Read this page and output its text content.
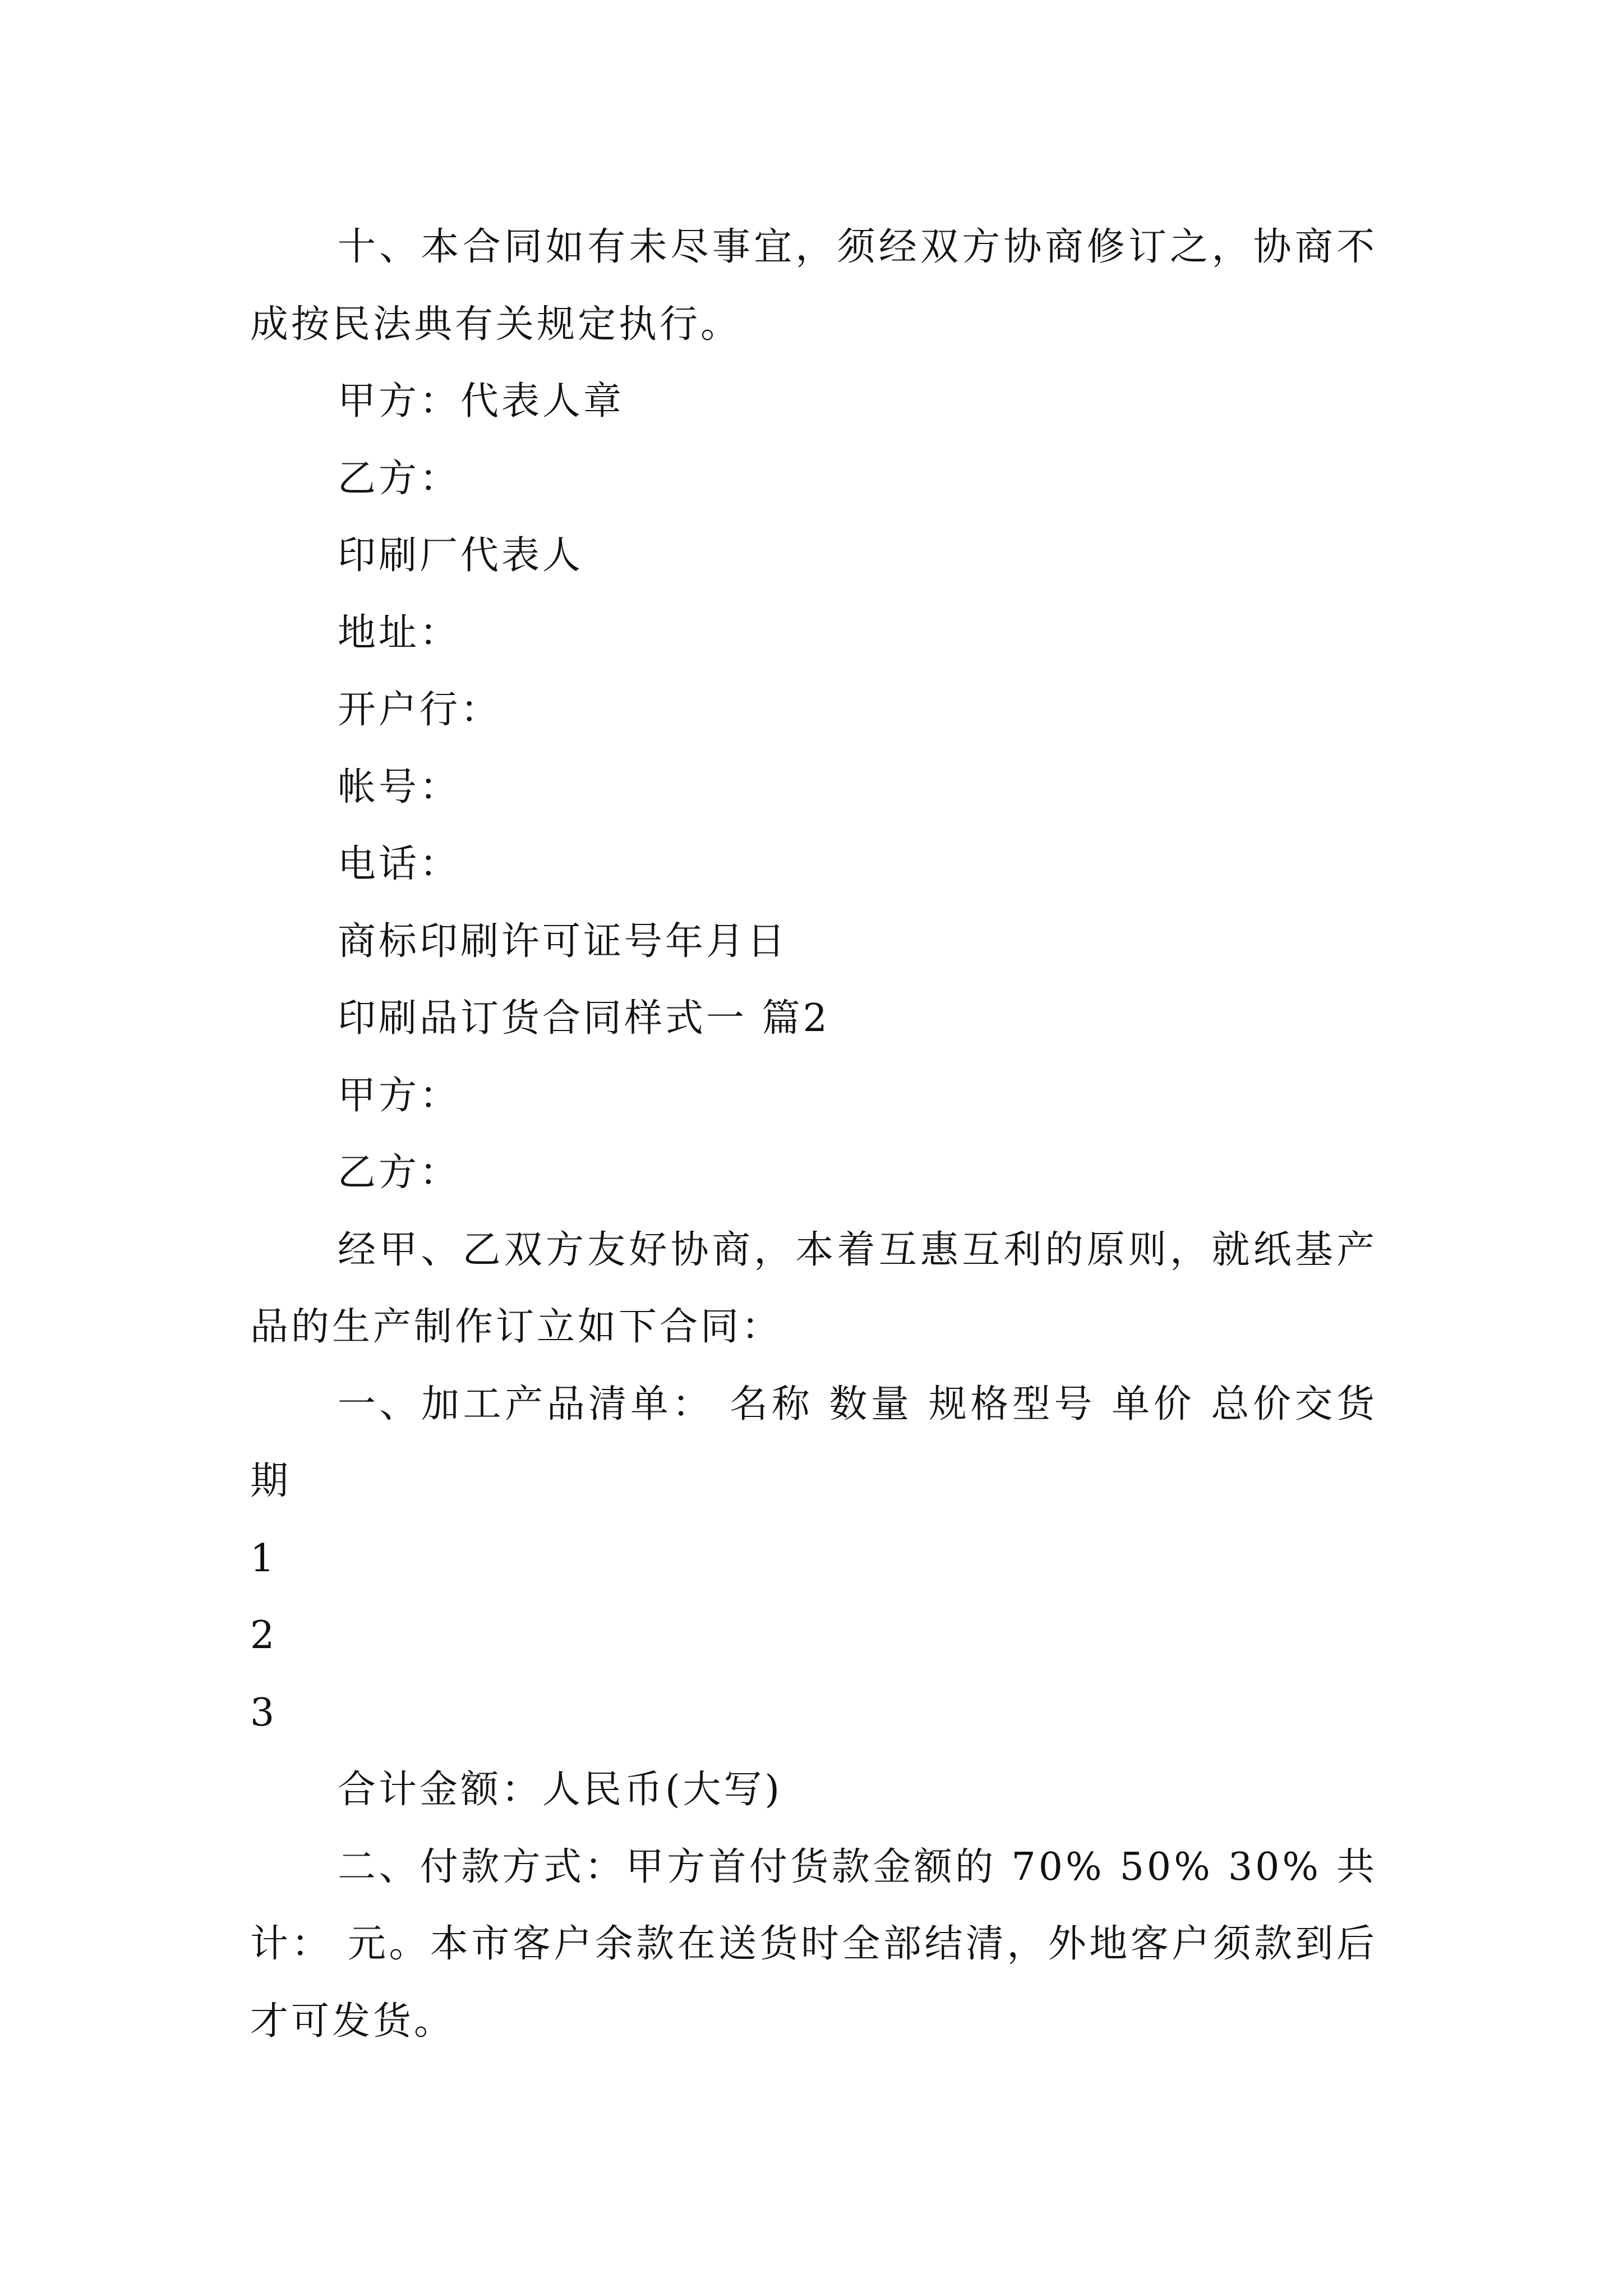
十、本合同如有未尽事宜，须经双方协商修订之，协商不成按民法典有关规定执行。

甲方：代表人章

乙方：

印刷厂代表人

地址：

开户行：

帐号：

电话：

商标印刷许可证号年月日

印刷品订货合同样式一 篇2

甲方：

乙方：

经甲、乙双方友好协商，本着互惠互利的原则，就纸基产品的生产制作订立如下合同：

一、加工产品清单： 名称 数量 规格型号 单价 总价交货期

1

2

3

合计金额：人民币(大写)

二、付款方式：甲方首付货款金额的 70% 50% 30% 共计： 元。本市客户余款在送货时全部结清，外地客户须款到后才可发货。
